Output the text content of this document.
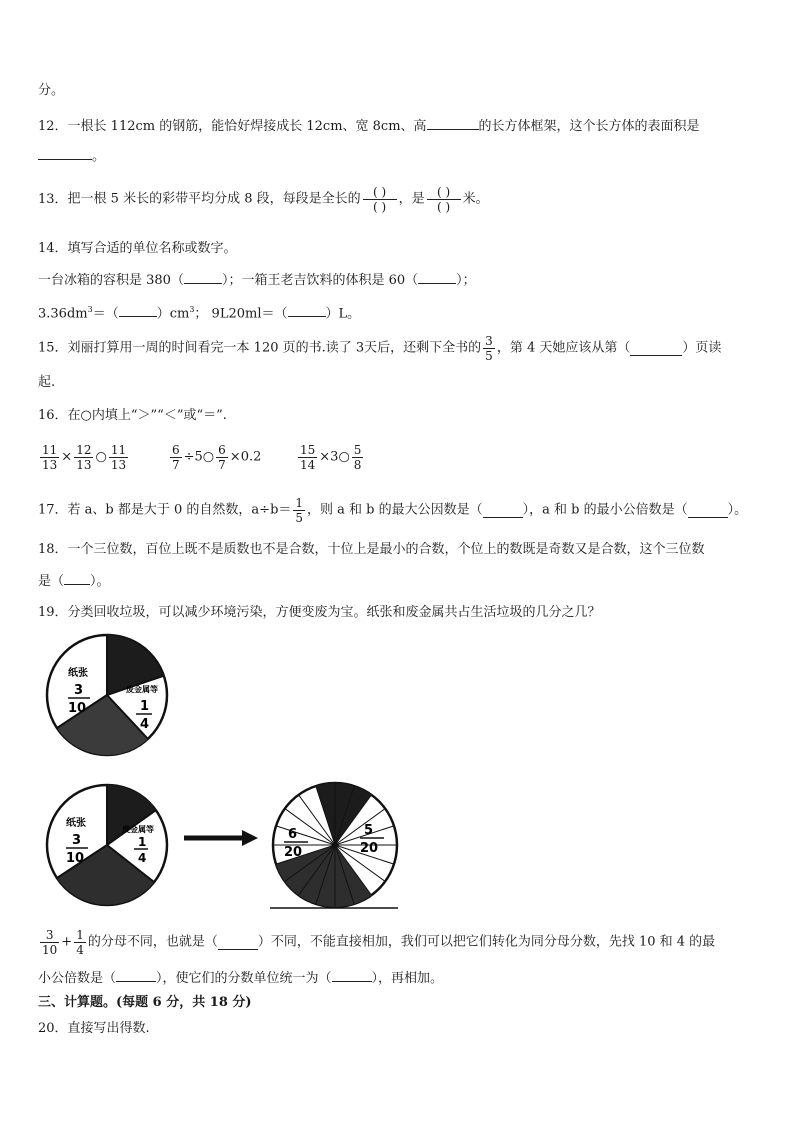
分。
12．一根长 112cm 的钢筋，能恰好焊接成长 12cm、宽 8cm、高	的长方体框架，这个长方体的表面积是
。
13．把一根 5 米长的彩带平均分成 8 段，每段是全长的 $\frac{( )}{( )}$ ，是 $\frac{( )}{( )}$ 米。
14．填写合适的单位名称或数字。
一台冰箱的容积是 380（	）；一箱王老吉饮料的体积是 60（	）；
$3.36dm^3=$（	）$cm^3$； 9L20ml＝（	）L。
15．刘丽打算用一周的时间看完一本 120 页的书.读了 3天后，还剩下全书的 $\frac{3}{5}$ ，第 4 天她应该从第（	）页读
起.
16．在○内填上“＞”“＜”或“＝”.
$\frac{11}{13} \times \frac{12}{13}$ ○ $\frac{11}{13}$	$\frac{6}{7}$ ÷5○ $\frac{6}{7} \times 0.2$	$\frac{15}{14}$ ×3○ $\frac{5}{8}$
17．若 a、b 都是大于 0 的自然数，$a\div b= \frac{1}{5}$ ，则 a 和 b 的最大公因数是（	），a 和 b 的最小公倍数是（	）。
18．一个三位数，百位上既不是质数也不是合数，十位上是最小的合数，个位上的数既是奇数又是合数，这个三位数
是（ ）。
19．分类回收垃圾，可以减少环境污染，方便变废为宝。纸张和废金属共占生活垃圾的几分之几？
纸张
3
10
废金属等
1
4
纸张
3
10
废金属等
1
4
6
20
5
20
$\frac{3}{10} + \frac{1}{4}$ 的分母不同，也就是（	）不同，不能直接相加，我们可以把它们转化为同分母分数，先找 10 和 4 的最
小公倍数是（	），使它们的分数单位统一为（	），再相加。
三、计算题。(每题 6 分，共 18 分)
20．直接写出得数.
